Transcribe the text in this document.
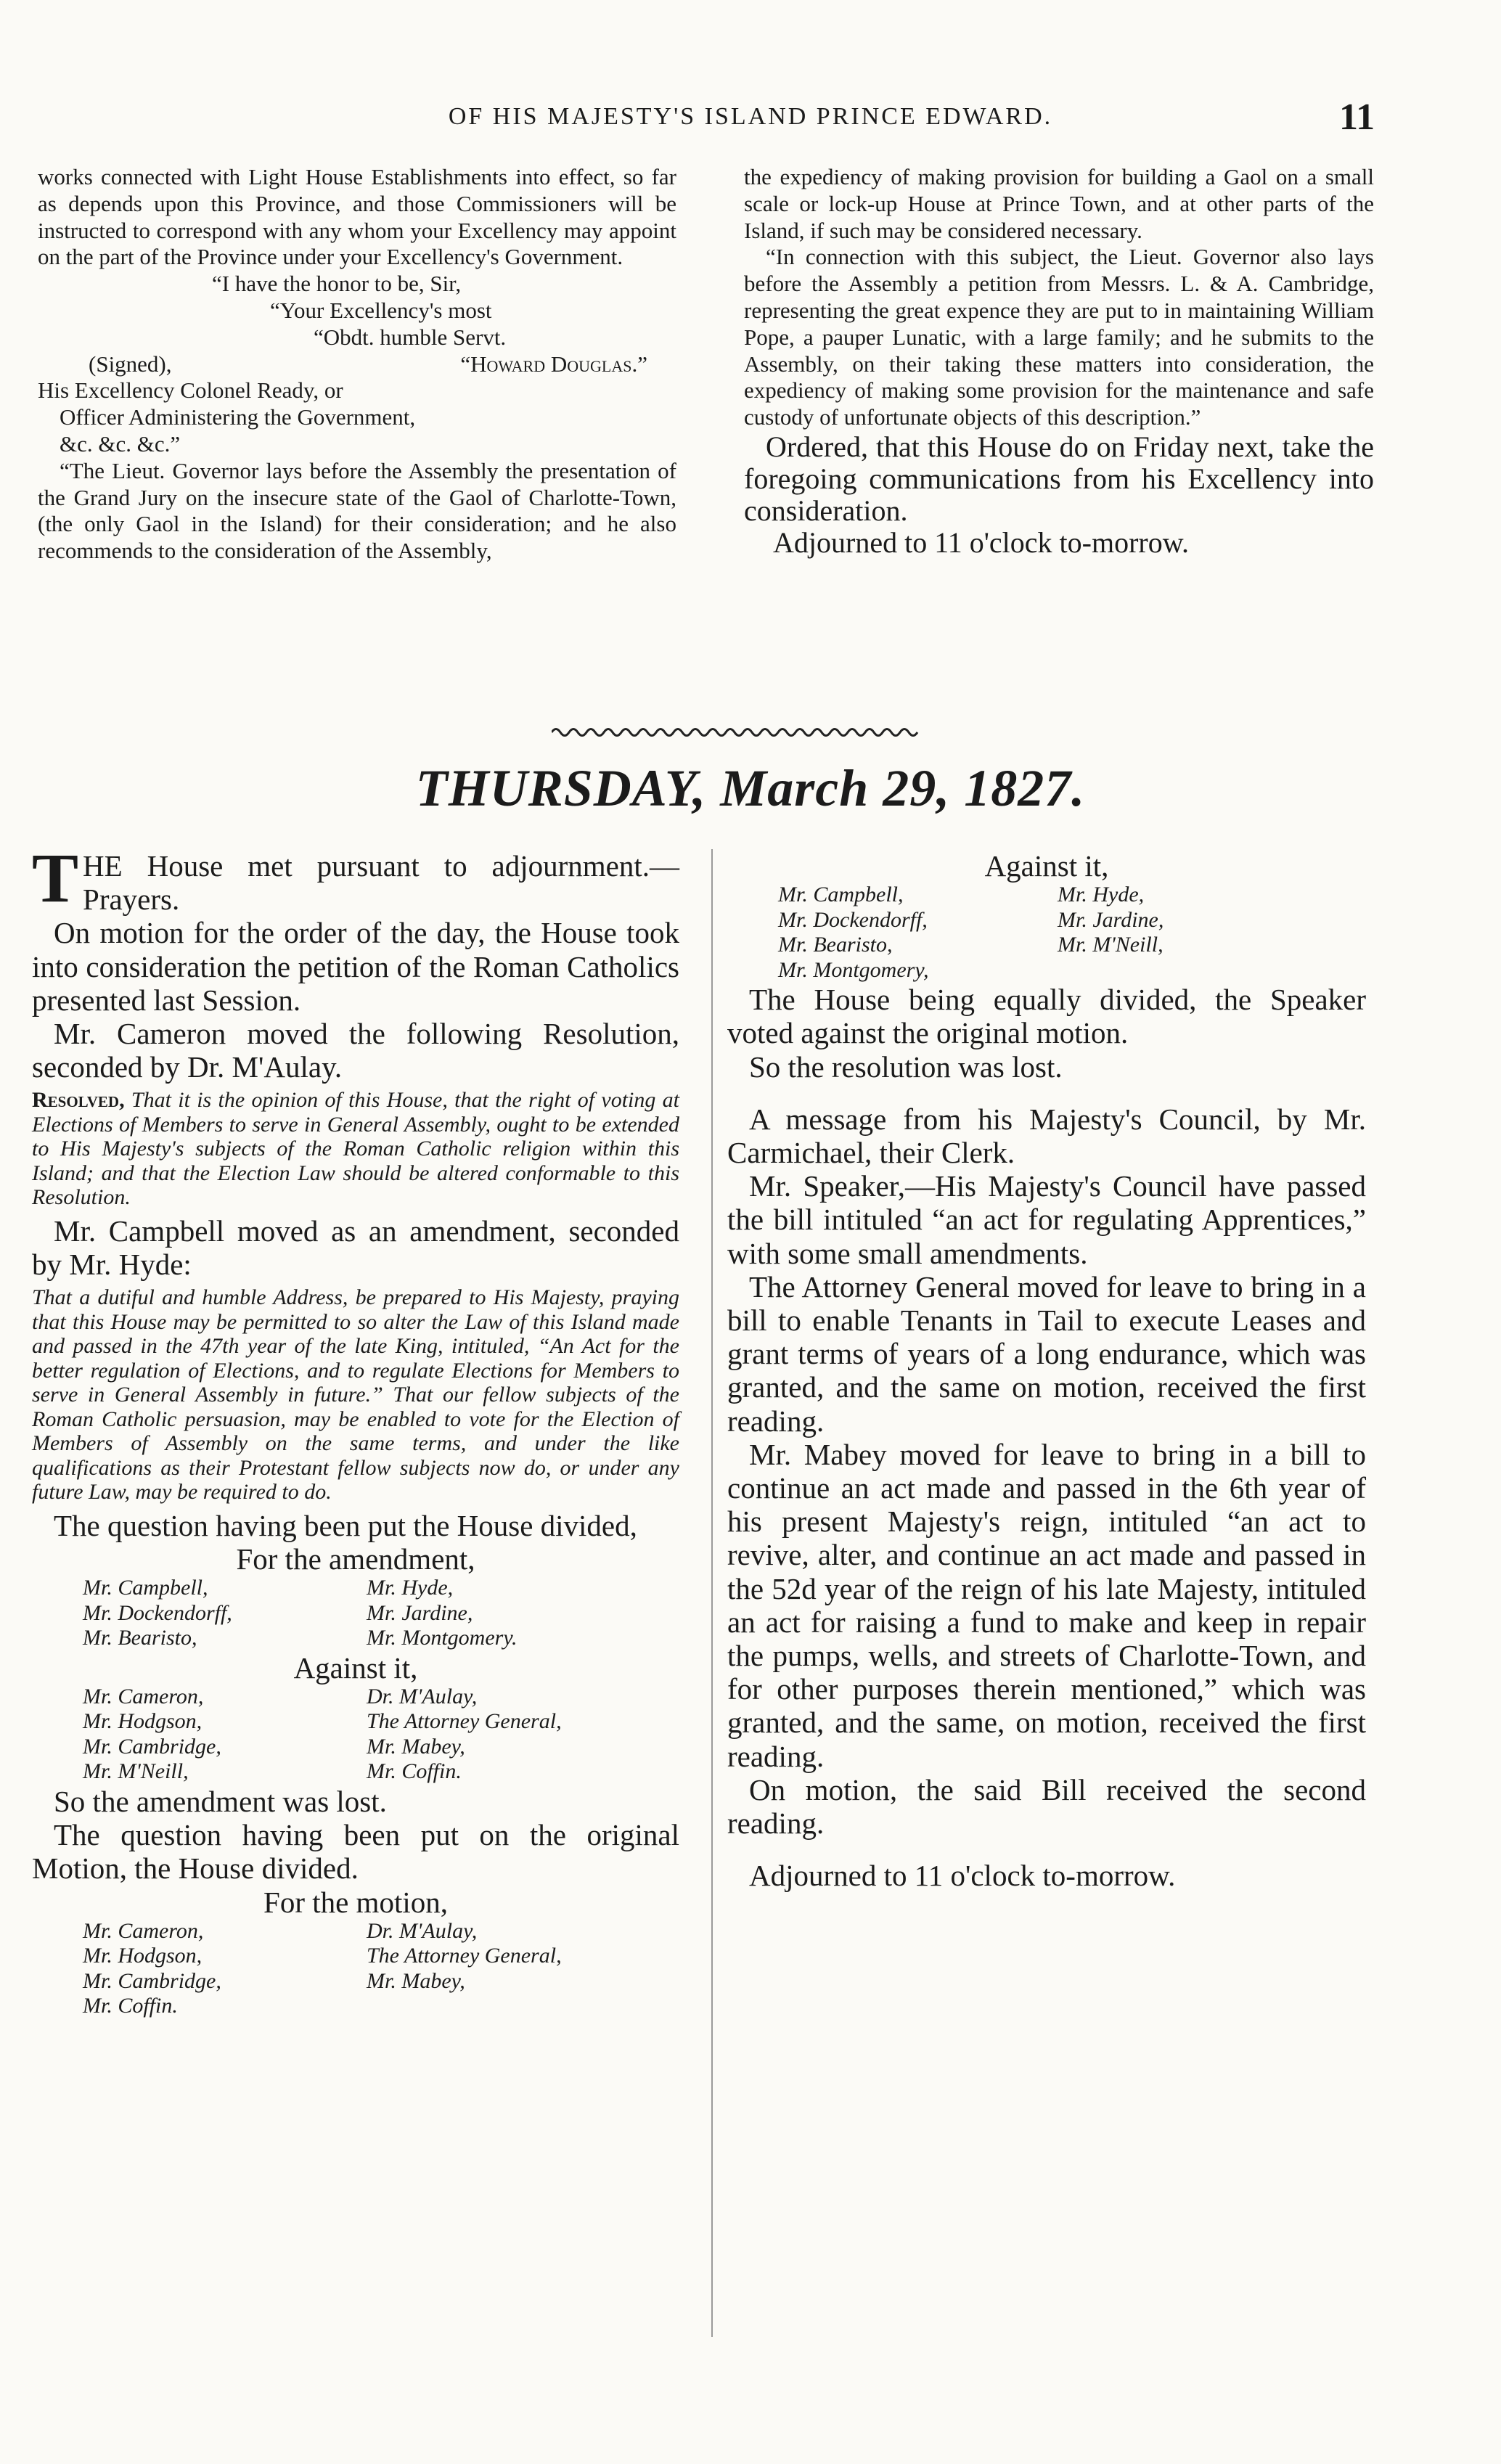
OF HIS MAJESTY'S ISLAND PRINCE EDWARD.	11

works connected with Light House Establishments into effect, so far as depends upon this Province, and those Commissioners will be instructed to correspond with any whom your Excellency may appoint on the part of the Province under your Excellency's Government.

“I have the honor to be, Sir,

“Your Excellency's most

“Obdt. humble Servt.

(Signed),	“Howard Douglas.”

His Excellency Colonel Ready, or

Officer Administering the Government,

&c. &c. &c.”

“The Lieut. Governor lays before the Assembly the presentation of the Grand Jury on the insecure state of the Gaol of Charlotte-Town, (the only Gaol in the Island) for their consideration; and he also recommends to the consideration of the Assembly,

the expediency of making provision for building a Gaol on a small scale or lock-up House at Prince Town, and at other parts of the Island, if such may be considered necessary.

“In connection with this subject, the Lieut. Governor also lays before the Assembly a petition from Messrs. L. & A. Cambridge, representing the great expence they are put to in maintaining William Pope, a pauper Lunatic, with a large family; and he submits to the Assembly, on their taking these matters into consideration, the expediency of making some provision for the maintenance and safe custody of unfortunate objects of this description.”

Ordered, that this House do on Friday next, take the foregoing communications from his Excellency into consideration.

Adjourned to 11 o'clock to-morrow.

THURSDAY, March 29, 1827.

THE House met pursuant to adjournment.—Prayers.

On motion for the order of the day, the House took into consideration the petition of the Roman Catholics presented last Session.

Mr. Cameron moved the following Resolution, seconded by Dr. M'Aulay.

Resolved, That it is the opinion of this House, that the right of voting at Elections of Members to serve in General Assembly, ought to be extended to His Majesty's subjects of the Roman Catholic religion within this Island; and that the Election Law should be altered conformable to this Resolution.

Mr. Campbell moved as an amendment, seconded by Mr. Hyde:

That a dutiful and humble Address, be prepared to His Majesty, praying that this House may be permitted to so alter the Law of this Island made and passed in the 47th year of the late King, intituled, “An Act for the better regulation of Elections, and to regulate Elections for Members to serve in General Assembly in future.” That our fellow subjects of the Roman Catholic persuasion, may be enabled to vote for the Election of Members of Assembly on the same terms, and under the like qualifications as their Protestant fellow subjects now do, or under any future Law, may be required to do.

The question having been put the House divided,

For the amendment,

Mr. Campbell,	Mr. Hyde,
Mr. Dockendorff,	Mr. Jardine,
Mr. Bearisto,	Mr. Montgomery.

Against it,

Mr. Cameron,	Dr. M'Aulay,
Mr. Hodgson,	The Attorney General,
Mr. Cambridge,	Mr. Mabey,
Mr. M'Neill,	Mr. Coffin.

So the amendment was lost.

The question having been put on the original Motion, the House divided.

For the motion,

Mr. Cameron,	Dr. M'Aulay,
Mr. Hodgson,	The Attorney General,
Mr. Cambridge,	Mr. Mabey,
Mr. Coffin.

Against it,

Mr. Campbell,	Mr. Hyde,
Mr. Dockendorff,	Mr. Jardine,
Mr. Bearisto,	Mr. M'Neill,
Mr. Montgomery,

The House being equally divided, the Speaker voted against the original motion.

So the resolution was lost.

A message from his Majesty's Council, by Mr. Carmichael, their Clerk.

Mr. Speaker,—His Majesty's Council have passed the bill intituled “an act for regulating Apprentices,” with some small amendments.

The Attorney General moved for leave to bring in a bill to enable Tenants in Tail to execute Leases and grant terms of years of a long endurance, which was granted, and the same on motion, received the first reading.

Mr. Mabey moved for leave to bring in a bill to continue an act made and passed in the 6th year of his present Majesty's reign, intituled “an act to revive, alter, and continue an act made and passed in the 52d year of the reign of his late Majesty, intituled an act for raising a fund to make and keep in repair the pumps, wells, and streets of Charlotte-Town, and for other purposes therein mentioned,” which was granted, and the same, on motion, received the first reading.

On motion, the said Bill received the second reading.

Adjourned to 11 o'clock to-morrow.
